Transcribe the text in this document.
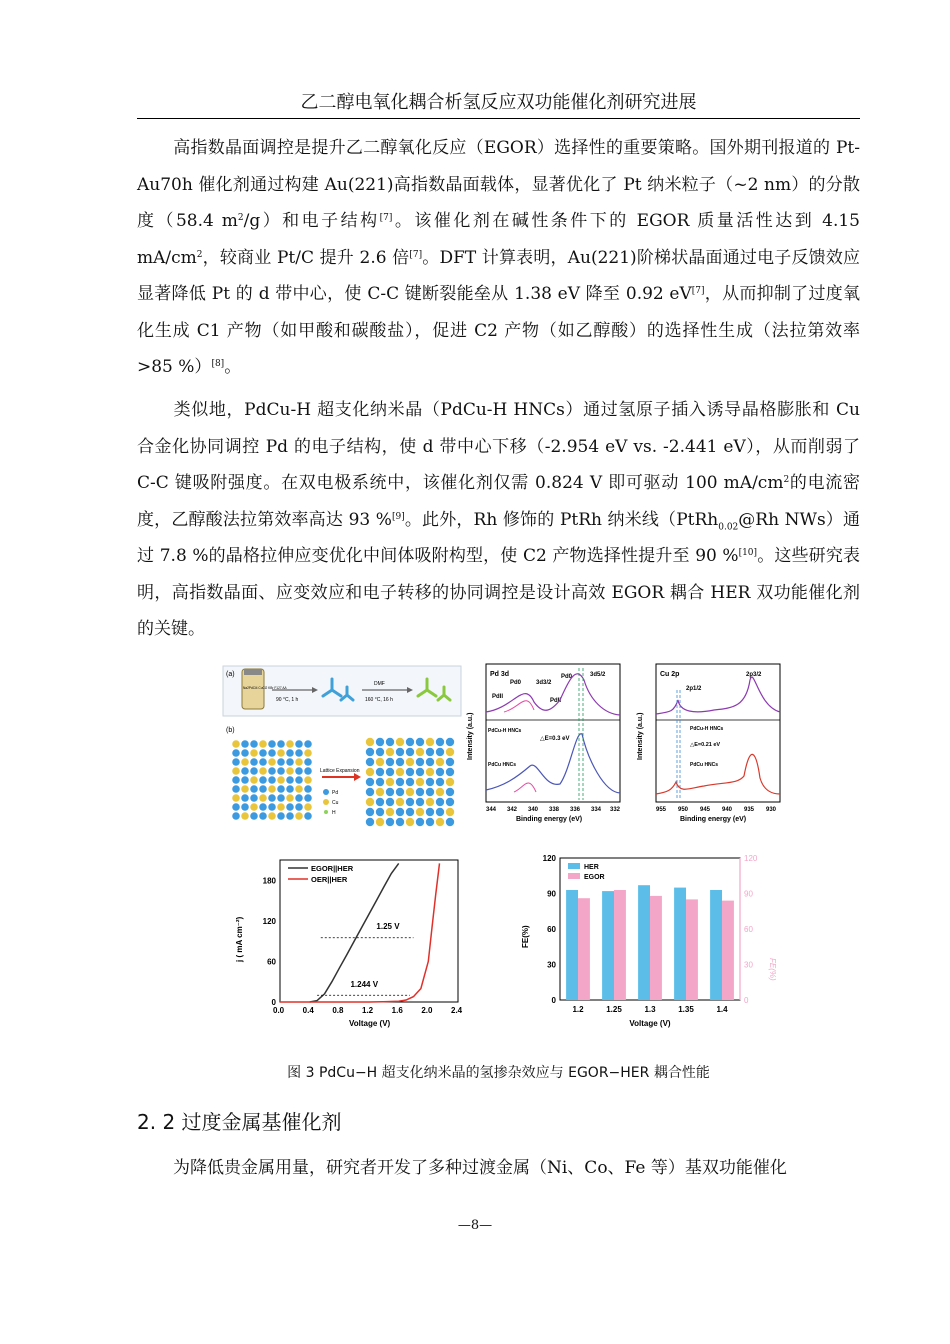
乙二醇电氧化耦合析氢反应双功能催化剂研究进展

高指数晶面调控是提升乙二醇氧化反应（EGOR）选择性的重要策略。国外期刊报道的 Pt-Au70h 催化剂通过构建 Au(221)高指数晶面载体，显著优化了 Pt 纳米粒子（~2 nm）的分散度（58.4 $m^2/g$）和电子结构[7]。该催化剂在碱性条件下的 EGOR 质量活性达到 4.15 $mA/cm^2$，较商业 Pt/C 提升 2.6 倍[7]。DFT 计算表明，Au(221)阶梯状晶面通过电子反馈效应显著降低 Pt 的 d 带中心，使 C-C 键断裂能垒从 1.38 eV 降至 0.92 eV[7]，从而抑制了过度氧化生成 C1 产物（如甲酸和碳酸盐），促进 C2 产物（如乙醇酸）的选择性生成（法拉第效率>85 %）[8]。

类似地，PdCu-H 超支化纳米晶（PdCu-H HNCs）通过氢原子插入诱导晶格膨胀和 Cu 合金化协同调控 Pd 的电子结构，使 d 带中心下移（-2.954 eV vs. -2.441 eV），从而削弱了 C-C 键吸附强度。在双电极系统中，该催化剂仅需 0.824 V 即可驱动 100 $mA/cm^2$的电流密度，乙醇酸法拉第效率高达 93 %[9]。此外，Rh 修饰的 PtRh 纳米线（PtRh$_{0.02}$@Rh NWs）通过 7.8 %的晶格拉伸应变优化中间体吸附构型，使 C2 产物选择性提升至 90 %[10]。这些研究表明，高指数晶面、应变效应和电子转移的协同调控是设计高效 EGOR 耦合 HER 双功能催化剂的关键。

(a)
Na2PdCl4 CuCl2 KBr F127 AA
90 °C, 1 h
DMF
160 °C, 16 h
(b)
Lattice Expansion
Pd
Cu
H
Intensity (a.u.)
Pd 3d
Pd0
PdII
3d3/2
Pd0	3d5/2
PdII
PdCu-H HNCs
△E=0.3 eV
PdCu HNCs
344 342 340 338 336 334 332
Binding energy (eV)
Intensity (a.u.)
Cu 2p
2p1/2
2p3/2
PdCu-H HNCs
△E=0.21 eV
PdCu HNCs
955 950 945 940 935 930
Binding energy (eV)
0.0 0.4 0.8 1.2 1.6 2.0 2.4
0
60
120
180
Voltage (V)
j ( mA cm⁻²)
EGOR||HER
OER||HER
1.25 V
1.244 V
0	0
30	30
60	60
90	90
120	120
1.2	1.25	1.3	1.35	1.4
Voltage (V)
FE(%)
FE(%)
HER
EGOR
图 3 PdCu−H 超支化纳米晶的氢掺杂效应与 EGOR−HER 耦合性能
2. 2 过度金属基催化剂

为降低贵金属用量，研究者开发了多种过渡金属（Ni、Co、Fe 等）基双功能催化

—8—
